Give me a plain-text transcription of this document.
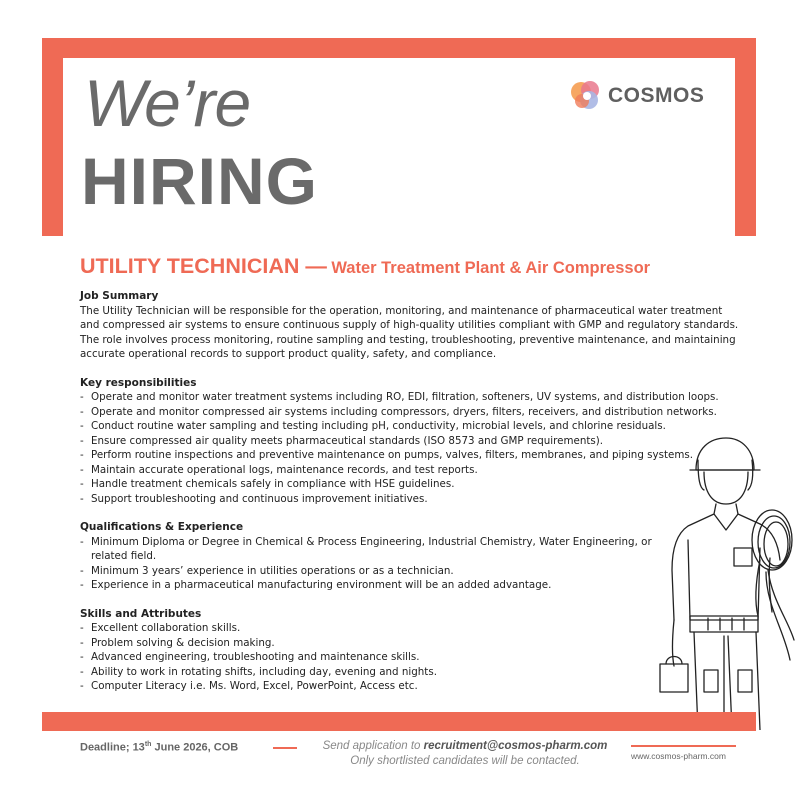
We’re
HIRING
COSMOS
UTILITY TECHNICIAN — Water Treatment Plant & Air Compressor
Job Summary

The Utility Technician will be responsible for the operation, monitoring, and maintenance of pharmaceutical water treatment and compressed air systems to ensure continuous supply of high-quality utilities compliant with GMP and regulatory standards. The role involves process monitoring, routine sampling and testing, troubleshooting, preventive maintenance, and maintaining accurate operational records to support product quality, safety, and compliance.

Key responsibilities
- Operate and monitor water treatment systems including RO, EDI, filtration, softeners, UV systems, and distribution loops.
- Operate and monitor compressed air systems including compressors, dryers, filters, receivers, and distribution networks.
- Conduct routine water sampling and testing including pH, conductivity, microbial levels, and chlorine residuals.
- Ensure compressed air quality meets pharmaceutical standards (ISO 8573 and GMP requirements).
- Perform routine inspections and preventive maintenance on pumps, valves, filters, membranes, and piping systems.
- Maintain accurate operational logs, maintenance records, and test reports.
- Handle treatment chemicals safely in compliance with HSE guidelines.
- Support troubleshooting and continuous improvement initiatives.
Qualifications & Experience
- Minimum Diploma or Degree in Chemical & Process Engineering, Industrial Chemistry, Water Engineering, or related field.
- Minimum 3 years’ experience in utilities operations or as a technician.
- Experience in a pharmaceutical manufacturing environment will be an added advantage.
Skills and Attributes
- Excellent collaboration skills.
- Problem solving & decision making.
- Advanced engineering, troubleshooting and maintenance skills.
- Ability to work in rotating shifts, including day, evening and nights.
- Computer Literacy i.e. Ms. Word, Excel, PowerPoint, Access etc.
Deadline; 13th June 2026, COB	Send application to recruitment@cosmos-pharm.com
Only shortlisted candidates will be contacted.	www.cosmos-pharm.com
